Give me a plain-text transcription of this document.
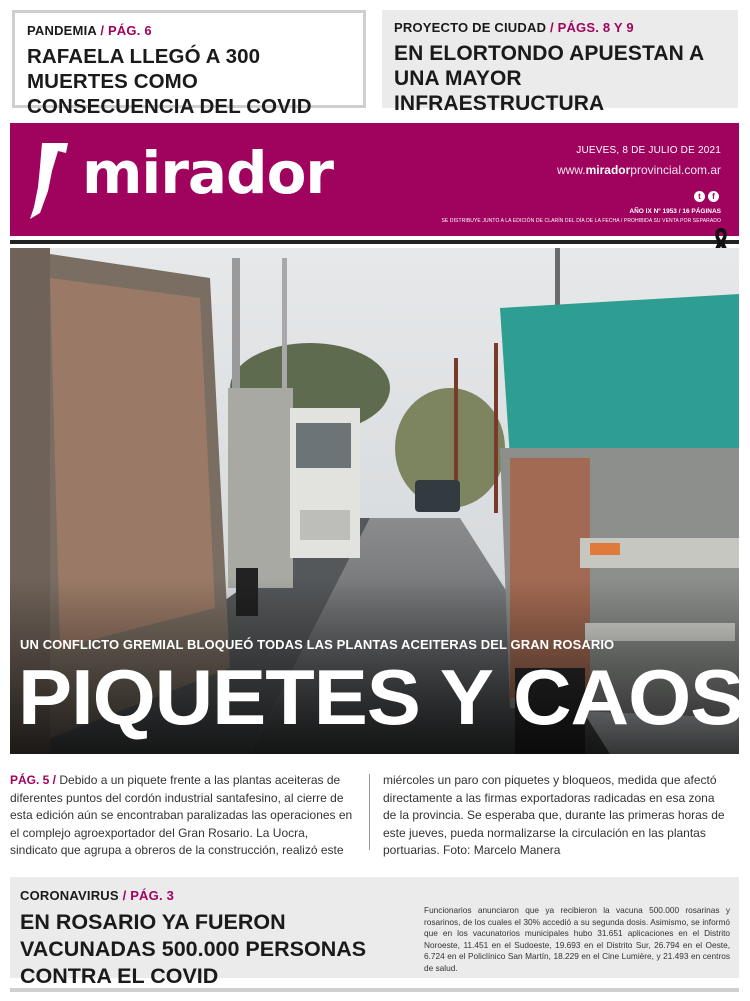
PANDEMIA / PÁG. 6
RAFAELA LLEGÓ A 300 MUERTES COMO CONSECUENCIA DEL COVID
PROYECTO DE CIUDAD / PÁGS. 8 Y 9
EN ELORTONDO APUESTAN A UNA MAYOR INFRAESTRUCTURA
mirador	JUEVES, 8 DE JULIO DE 2021
www.miradorprovincial.com.ar
t	f
AÑO IX Nº 1953 / 16 PÁGINAS
SE DISTRIBUYE JUNTO A LA EDICIÓN DE CLARÍN DEL DÍA DE LA FECHA / PROHIBIDA SU VENTA POR SEPARADO
UN CONFLICTO GREMIAL BLOQUEÓ TODAS LAS PLANTAS ACEITERAS DEL GRAN ROSARIO
PIQUETES Y CAOS
PÁG. 5 / Debido a un piquete frente a las plantas aceiteras de diferentes puntos del cordón industrial santafesino, al cierre de esta edición aún se encontraban paralizadas las operaciones en el complejo agroexportador del Gran Rosario. La Uocra, sindicato que agrupa a obreros de la construcción, realizó este
miércoles un paro con piquetes y bloqueos, medida que afectó directamente a las firmas exportadoras radicadas en esa zona de la provincia. Se esperaba que, durante las primeras horas de este jueves, pueda normalizarse la circulación en las plantas portuarias. Foto: Marcelo Manera
CORONAVIRUS / PÁG. 3
EN ROSARIO YA FUERON VACUNADAS 500.000 PERSONAS CONTRA EL COVID
Funcionarios anunciaron que ya recibieron la vacuna 500.000 rosarinas y rosarinos, de los cuales el 30% accedió a su segunda dosis. Asimismo, se informó que en los vacunatorios municipales hubo 31.651 aplicaciones en el Distrito Noroeste, 11.451 en el Sudoeste, 19.693 en el Distrito Sur, 26.794 en el Oeste, 6.724 en el Policlínico San Martín, 18.229 en el Cine Lumière, y 21.493 en centros de salud.
